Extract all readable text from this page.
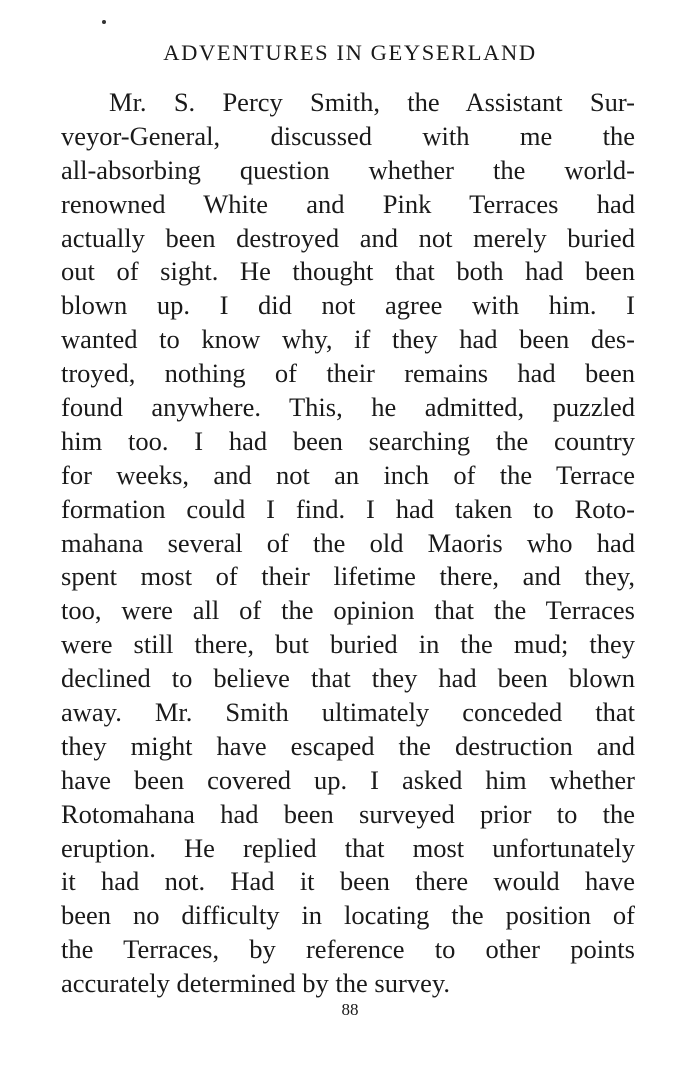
ADVENTURES IN GEYSERLAND
Mr. S. Percy Smith, the Assistant Sur-
veyor-General, discussed with me the
all-absorbing question whether the world-
renowned White and Pink Terraces had
actually been destroyed and not merely buried
out of sight. He thought that both had been
blown up. I did not agree with him. I
wanted to know why, if they had been des-
troyed, nothing of their remains had been
found anywhere. This, he admitted, puzzled
him too. I had been searching the country
for weeks, and not an inch of the Terrace
formation could I find. I had taken to Roto-
mahana several of the old Maoris who had
spent most of their lifetime there, and they,
too, were all of the opinion that the Terraces
were still there, but buried in the mud; they
declined to believe that they had been blown
away. Mr. Smith ultimately conceded that
they might have escaped the destruction and
have been covered up. I asked him whether
Rotomahana had been surveyed prior to the
eruption. He replied that most unfortunately
it had not. Had it been there would have
been no difficulty in locating the position of
the Terraces, by reference to other points
accurately determined by the survey.
88
